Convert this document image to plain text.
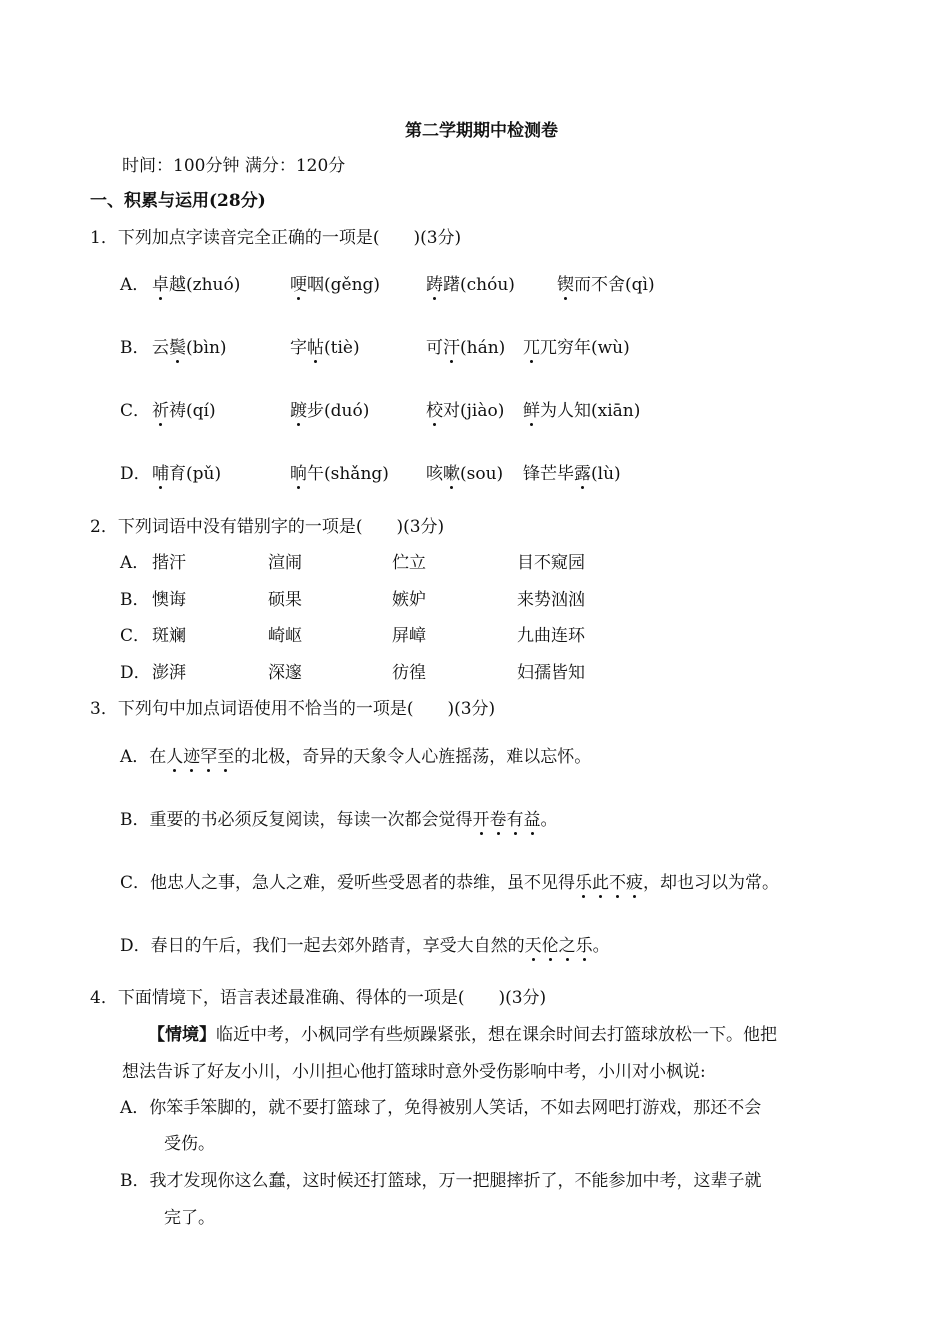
第二学期期中检测卷
时间：100分钟 满分：120分
一、积累与运用(28分)
1．下列加点字读音完全正确的一项是(　　)(3分)
A． 卓越(zhuó)	哽咽(gěng)	踌躇(chóu) 锲而不舍(qì)
B． 云鬓(bìn)	字帖(tiè)	可汗(hán) 兀兀穷年(wù)
C． 祈祷(qí)	踱步(duó)	校对(jiào) 鲜为人知(xiān)
D． 哺育(pǔ)	晌午(shǎng) 咳嗽(sou) 锋芒毕露(lù)
2．下列词语中没有错别字的一项是(　　)(3分)
A． 揩汗	渲闹	伫立	目不窥园
B． 懊诲	硕果	嫉妒	来势汹汹
C． 斑斓	崎岖	屏嶂	九曲连环
D． 澎湃	深邃	彷徨	妇孺皆知
3．下列句中加点词语使用不恰当的一项是(　　)(3分)
A．在人迹罕至的北极，奇异的天象令人心旌摇荡，难以忘怀。
B．重要的书必须反复阅读，每读一次都会觉得开卷有益。
C．他忠人之事，急人之难，爱听些受恩者的恭维，虽不见得乐此不疲，却也习以为常。
D．春日的午后，我们一起去郊外踏青，享受大自然的天伦之乐。
4．下面情境下，语言表述最准确、得体的一项是(　　)(3分)
【情境】临近中考，小枫同学有些烦躁紧张，想在课余时间去打篮球放松一下。他把
想法告诉了好友小川，小川担心他打篮球时意外受伤影响中考，小川对小枫说:
A．你笨手笨脚的，就不要打篮球了，免得被别人笑话，不如去网吧打游戏，那还不会
受伤。
B．我才发现你这么蠢，这时候还打篮球，万一把腿摔折了，不能参加中考，这辈子就
完了。
